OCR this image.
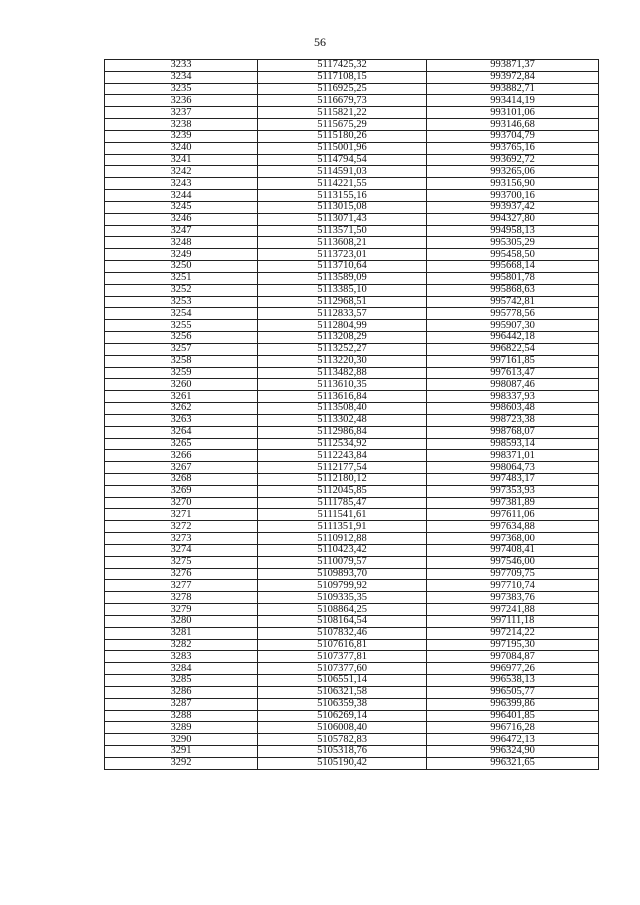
56
3233	5117425,32	993871,37
3234	5117108,15	993972,84
3235	5116925,25	993882,71
3236	5116679,73	993414,19
3237	5115821,22	993101,06
3238	5115675,29	993146,68
3239	5115180,26	993704,79
3240	5115001,96	993765,16
3241	5114794,54	993692,72
3242	5114591,03	993265,06
3243	5114221,55	993156,90
3244	5113155,16	993700,16
3245	5113015,08	993937,42
3246	5113071,43	994327,80
3247	5113571,50	994958,13
3248	5113608,21	995305,29
3249	5113723,01	995458,50
3250	5113710,64	995668,14
3251	5113589,09	995801,78
3252	5113385,10	995868,63
3253	5112968,51	995742,81
3254	5112833,57	995778,56
3255	5112804,99	995907,30
3256	5113208,29	996442,18
3257	5113252,27	996822,54
3258	5113220,30	997161,85
3259	5113482,88	997613,47
3260	5113610,35	998087,46
3261	5113616,84	998337,93
3262	5113508,40	998603,48
3263	5113302,48	998723,38
3264	5112986,84	998768,07
3265	5112534,92	998593,14
3266	5112243,84	998371,01
3267	5112177,54	998064,73
3268	5112180,12	997483,17
3269	5112045,85	997353,93
3270	5111785,47	997381,89
3271	5111541,61	997611,06
3272	5111351,91	997634,88
3273	5110912,88	997368,00
3274	5110423,42	997408,41
3275	5110079,57	997546,00
3276	5109893,70	997709,75
3277	5109799,92	997710,74
3278	5109335,35	997383,76
3279	5108864,25	997241,88
3280	5108164,54	997111,18
3281	5107832,46	997214,22
3282	5107616,81	997195,30
3283	5107377,81	997084,87
3284	5107377,60	996977,26
3285	5106551,14	996538,13
3286	5106321,58	996505,77
3287	5106359,38	996399,86
3288	5106269,14	996401,85
3289	5106008,40	996716,28
3290	5105782,83	996472,13
3291	5105318,76	996324,90
3292	5105190,42	996321,65
